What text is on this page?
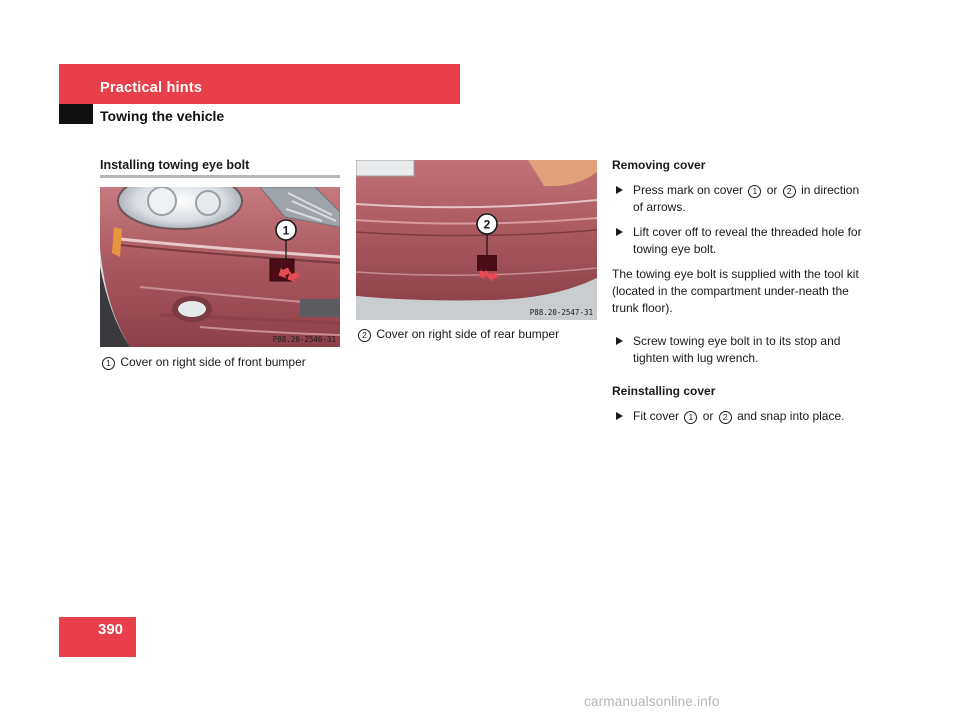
Practical hints
Towing the vehicle
Installing towing eye bolt
1
P88.20-2546-31
1 Cover on right side of front bumper
2
P88.20-2547-31
2 Cover on right side of rear bumper
Removing cover
Press mark on cover 1 or 2 in direction of arrows.
Lift cover off to reveal the threaded hole for towing eye bolt.
The towing eye bolt is supplied with the tool kit (located in the compartment under-neath the trunk floor).
Screw towing eye bolt in to its stop and tighten with lug wrench.
Reinstalling cover
Fit cover 1 or 2 and snap into place.
390
carmanualsonline.info
